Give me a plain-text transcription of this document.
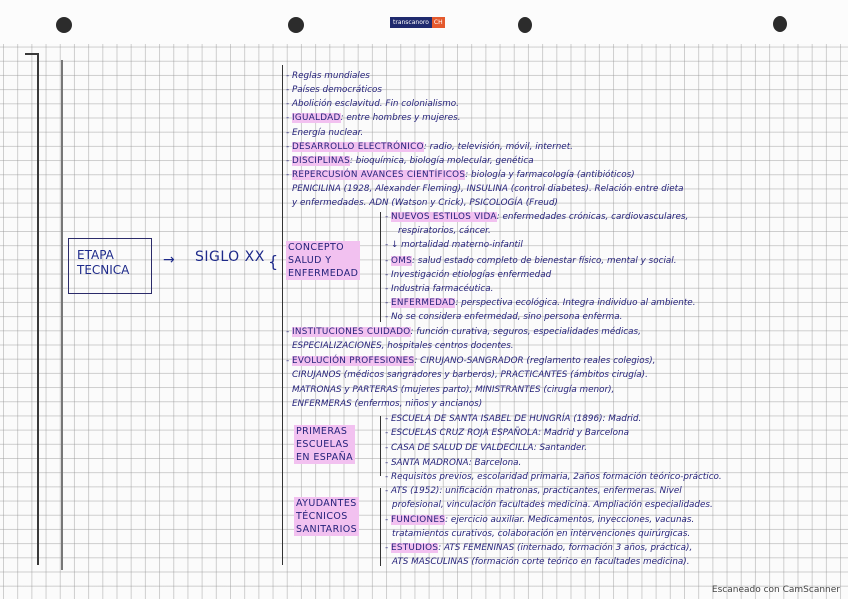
transcanoro CH
ETAPA
TECNICA
→ SIGLO XX {
- Reglas mundiales
- Países democráticos
- Abolición esclavitud. Fin colonialismo.
- IGUALDAD: entre hombres y mujeres.
- Energía nuclear.
- DESARROLLO ELECTRÓNICO: radio, televisión, móvil, internet.
- DISCIPLINAS: bioquímica, biología molecular, genética
- REPERCUSIÓN AVANCES CIENTÍFICOS: biología y farmacología (antibióticos)
PENICILINA (1928, Alexander Fleming), INSULINA (control diabetes). Relación entre dieta
y enfermedades. ADN (Watson y Crick), PSICOLOGÍA (Freud)
CONCEPTO
SALUD Y
ENFERMEDAD
- NUEVOS ESTILOS VIDA: enfermedades crónicas, cardiovasculares,
respiratorios, cáncer.
- ↓ mortalidad materno-infantil
- OMS: salud estado completo de bienestar físico, mental y social.
- Investigación etiologías enfermedad
- Industria farmacéutica.
- ENFERMEDAD: perspectiva ecológica. Integra individuo al ambiente.
- No se considera enfermedad, sino persona enferma.
- INSTITUCIONES CUIDADO: función curativa, seguros, especialidades médicas,
ESPECIALIZACIONES, hospitales centros docentes.
- EVOLUCIÓN PROFESIONES: CIRUJANO-SANGRADOR (reglamento reales colegios),
CIRUJANOS (médicos sangradores y barberos), PRACTICANTES (ámbitos cirugía).
MATRONAS y PARTERAS (mujeres parto), MINISTRANTES (cirugía menor),
ENFERMERAS (enfermos, niños y ancianos)
PRIMERAS
ESCUELAS
EN ESPAÑA
- ESCUELA DE SANTA ISABEL DE HUNGRÍA (1896): Madrid.
- ESCUELAS CRUZ ROJA ESPAÑOLA: Madrid y Barcelona
- CASA DE SALUD DE VALDECILLA: Santander.
- SANTA MADRONA: Barcelona.
AYUDANTES
TÉCNICOS
SANITARIOS
- Requisitos previos, escolaridad primaria, 2años formación teórico-práctico.
- ATS (1952): unificación matronas, practicantes, enfermeras. Nivel
profesional, vinculación facultades medicina. Ampliación especialidades.
- FUNCIONES: ejercicio auxiliar. Medicamentos, inyecciones, vacunas.
tratamientos curativos, colaboración en intervenciones quirúrgicas.
- ESTUDIOS: ATS FEMENINAS (internado, formación 3 años, práctica),
ATS MASCULINAS (formación corte teórico en facultades medicina).
Escaneado con CamScanner
